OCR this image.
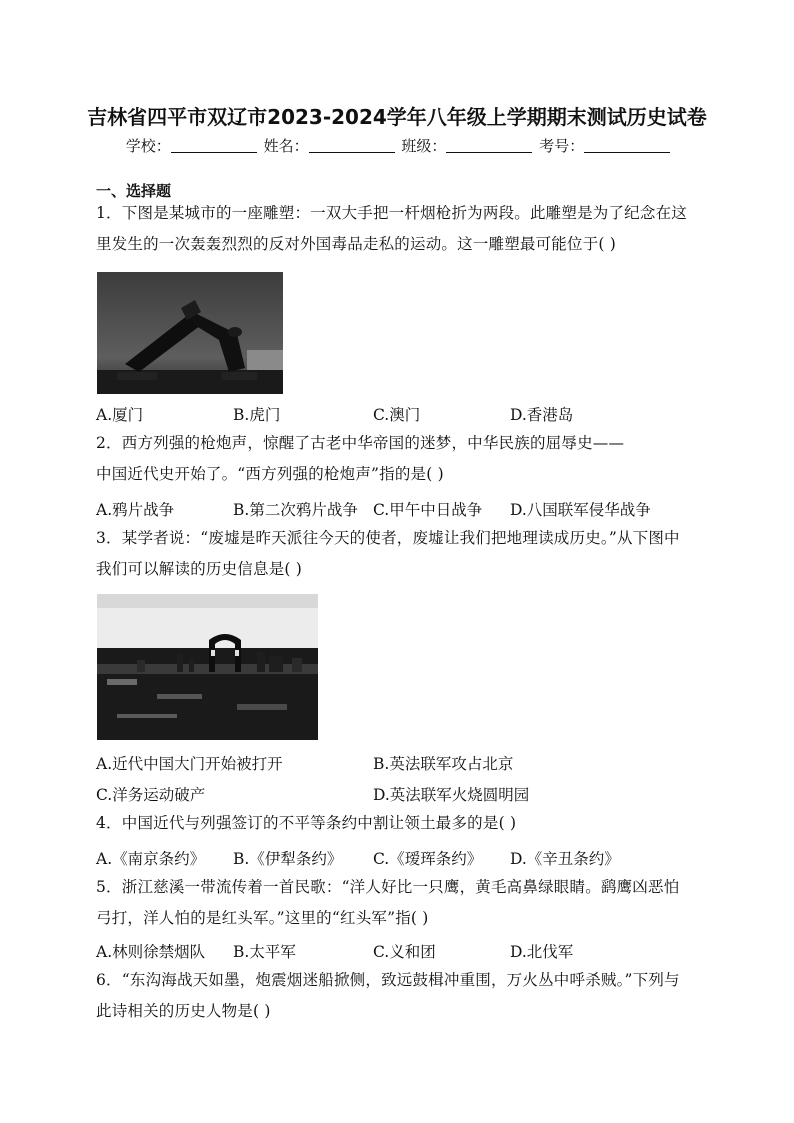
吉林省四平市双辽市2023-2024学年八年级上学期期末测试历史试卷
学校：	姓名：	班级：	考号：
一、选择题
1．下图是某城市的一座雕塑：一双大手把一杆烟枪折为两段。此雕塑是为了纪念在这
里发生的一次轰轰烈烈的反对外国毒品走私的运动。这一雕塑最可能位于( )
A.厦门	B.虎门	C.澳门	D.香港岛
2．西方列强的枪炮声，惊醒了古老中华帝国的迷梦，中华民族的屈辱史——
中国近代史开始了。“西方列强的枪炮声”指的是( )
A.鸦片战争	B.第二次鸦片战争 C.甲午中日战争 D.八国联军侵华战争
3．某学者说：“废墟是昨天派往今天的使者，废墟让我们把地理读成历史。”从下图中
我们可以解读的历史信息是( )
A.近代中国大门开始被打开	B.英法联军攻占北京
C.洋务运动破产	D.英法联军火烧圆明园
4．中国近代与列强签订的不平等条约中割让领土最多的是( )
A.《南京条约》 B.《伊犁条约》 C.《瑷珲条约》 D.《辛丑条约》
5．浙江慈溪一带流传着一首民歌：“洋人好比一只鹰，黄毛高鼻绿眼睛。鹞鹰凶恶怕
弓打，洋人怕的是红头军。”这里的“红头军”指( )
A.林则徐禁烟队 B.太平军	C.义和团	D.北伐军
6．“东沟海战天如墨，炮震烟迷船掀侧，致远鼓楫冲重围，万火丛中呼杀贼。”下列与
此诗相关的历史人物是( )
